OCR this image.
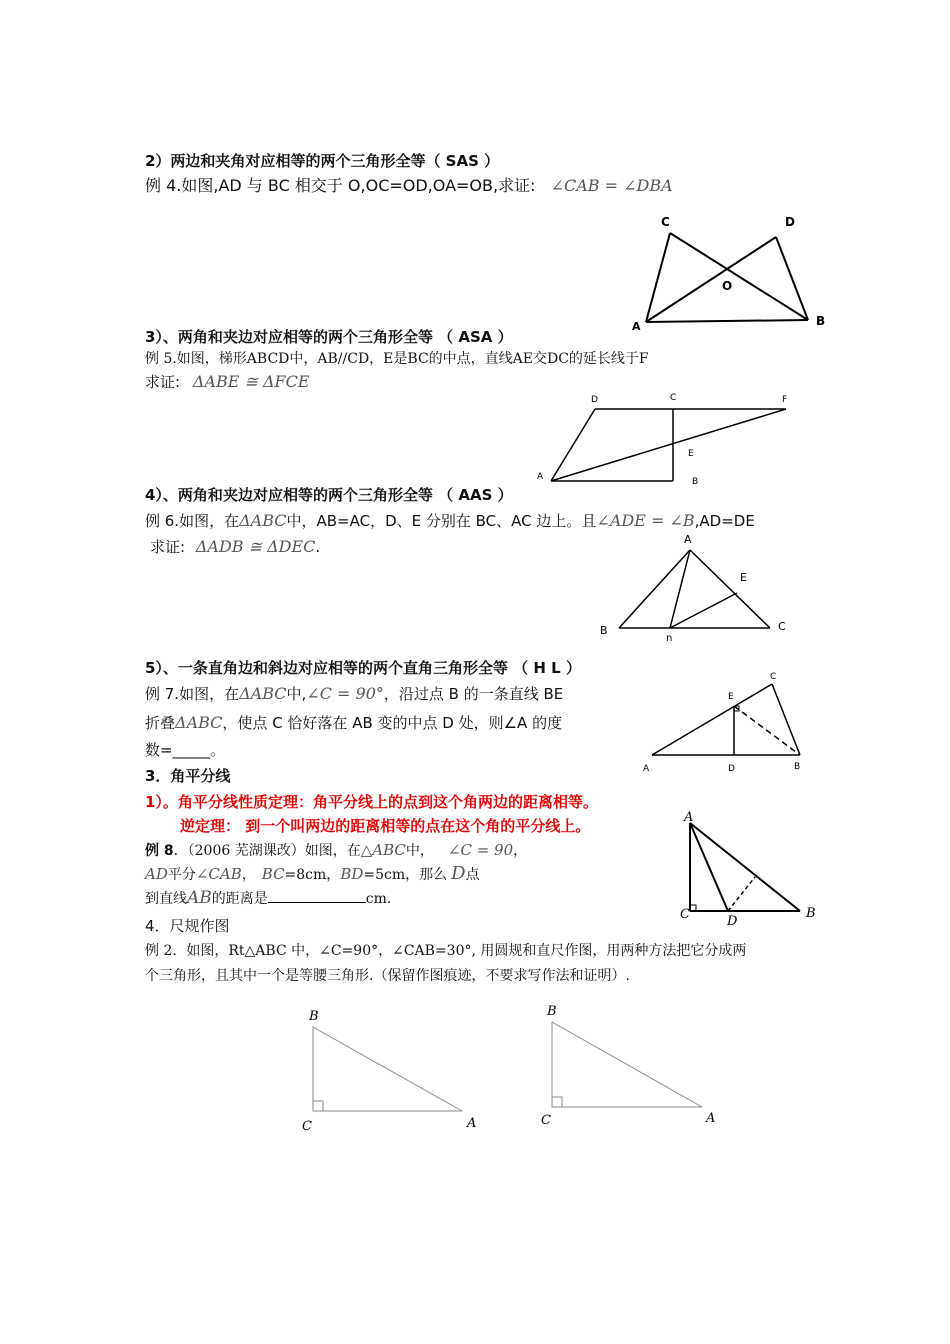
2）两边和夹角对应相等的两个三角形全等（ SAS ）
例 4.如图,AD 与 BC 相交于 O,OC=OD,OA=OB,求证: ∠CAB = ∠DBA
C	D
O
A	B
3）、两角和夹边对应相等的两个三角形全等 （ ASA ）
例 5.如图，梯形ABCD中，AB//CD，E是BC的中点，直线AE交DC的延长线于F
求证: ΔABE ≅ ΔFCE
D	C	F
A
E
B
4）、两角和夹边对应相等的两个三角形全等 （ AAS ）
例 6.如图，在ΔABC中，AB=AC，D、E 分别在 BC、AC 边上。且∠ADE = ∠B,AD=DE
求证: ΔADB ≅ ΔDEC.	A
E
B
n
C
5）、一条直角边和斜边对应相等的两个直角三角形全等 （ H L ）
例 7.如图，在ΔABC中,∠C = 90°，沿过点 B 的一条直线 BE
折叠ΔABC，使点 C 恰好落在 AB 变的中点 D 处，则∠A 的度
数=_____。
E
C
A	D	B
3．角平分线
1）。角平分线性质定理：角平分线上的点到这个角两边的距离相等。
逆定理： 到一个叫两边的距离相等的点在这个角的平分线上。
例 8．（2006 芜湖课改）如图，在△ABC中， ∠C = 90，
AD平分∠CAB， BC=8cm，BD=5cm，那么 D点
到直线AB的距离是	cm.
A
C	D
B
4．尺规作图
例 2．如图，Rt△ABC 中，∠C=90°，∠CAB=30°, 用圆规和直尺作图，用两种方法把它分成两
个三角形，且其中一个是等腰三角形.（保留作图痕迹，不要求写作法和证明）.
B
C	A
B
C	A
